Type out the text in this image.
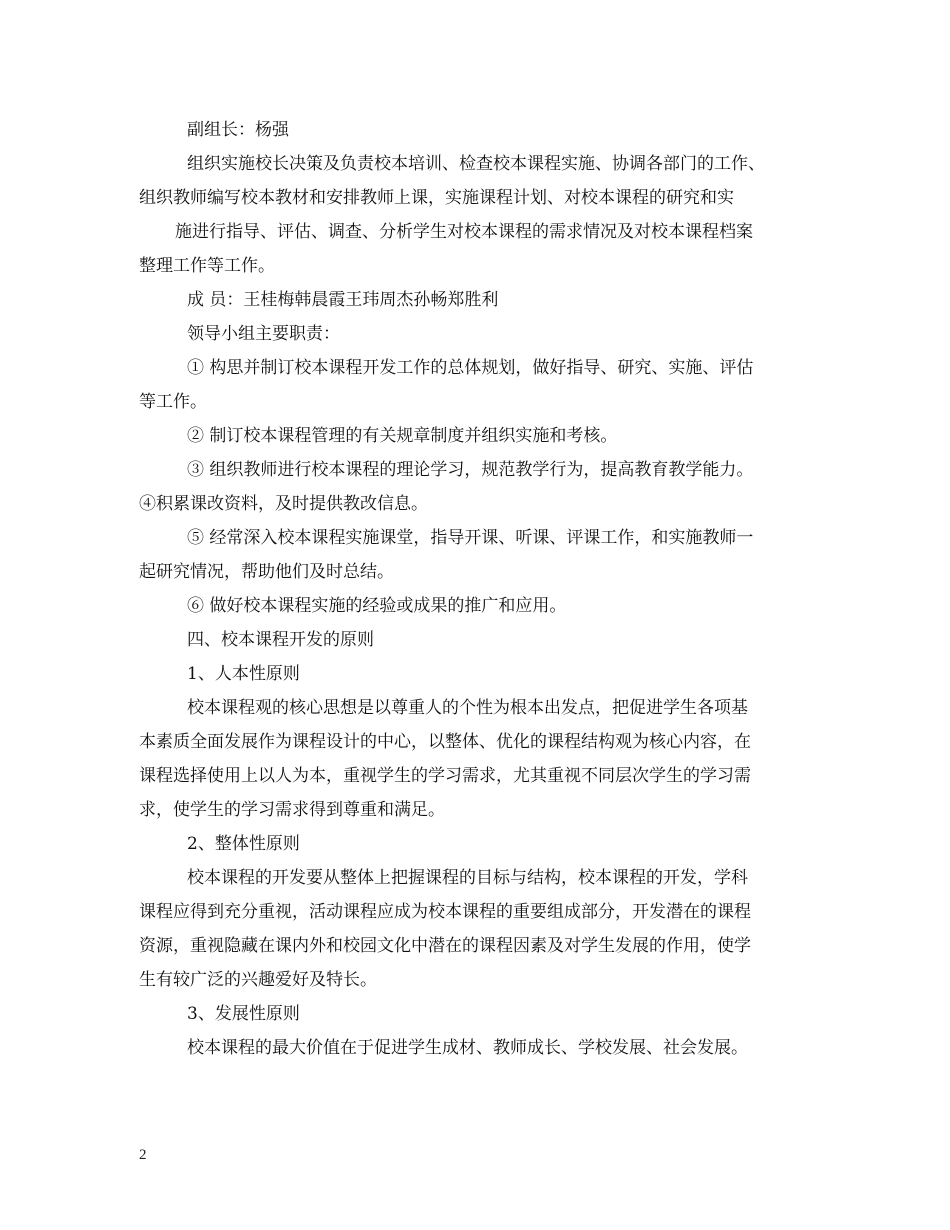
副组长：杨强
组织实施校长决策及负责校本培训、检查校本课程实施、协调各部门的工作、
组织教师编写校本教材和安排教师上课，实施课程计划、对校本课程的研究和实
施进行指导、评估、调查、分析学生对校本课程的需求情况及对校本课程档案
整理工作等工作。
成 员：王桂梅韩晨霞王玮周杰孙畅郑胜利
领导小组主要职责：
① 构思并制订校本课程开发工作的总体规划，做好指导、研究、实施、评估
等工作。
② 制订校本课程管理的有关规章制度并组织实施和考核。
③ 组织教师进行校本课程的理论学习，规范教学行为，提高教育教学能力。
④积累课改资料，及时提供教改信息。
⑤ 经常深入校本课程实施课堂，指导开课、听课、评课工作，和实施教师一
起研究情况，帮助他们及时总结。
⑥ 做好校本课程实施的经验或成果的推广和应用。
四、校本课程开发的原则
1、人本性原则
校本课程观的核心思想是以尊重人的个性为根本出发点，把促进学生各项基
本素质全面发展作为课程设计的中心，以整体、优化的课程结构观为核心内容，在
课程选择使用上以人为本，重视学生的学习需求，尤其重视不同层次学生的学习需
求，使学生的学习需求得到尊重和满足。
2、整体性原则
校本课程的开发要从整体上把握课程的目标与结构，校本课程的开发，学科
课程应得到充分重视，活动课程应成为校本课程的重要组成部分，开发潜在的课程
资源，重视隐藏在课内外和校园文化中潜在的课程因素及对学生发展的作用，使学
生有较广泛的兴趣爱好及特长。
3、发展性原则
校本课程的最大价值在于促进学生成材、教师成长、学校发展、社会发展。
2
